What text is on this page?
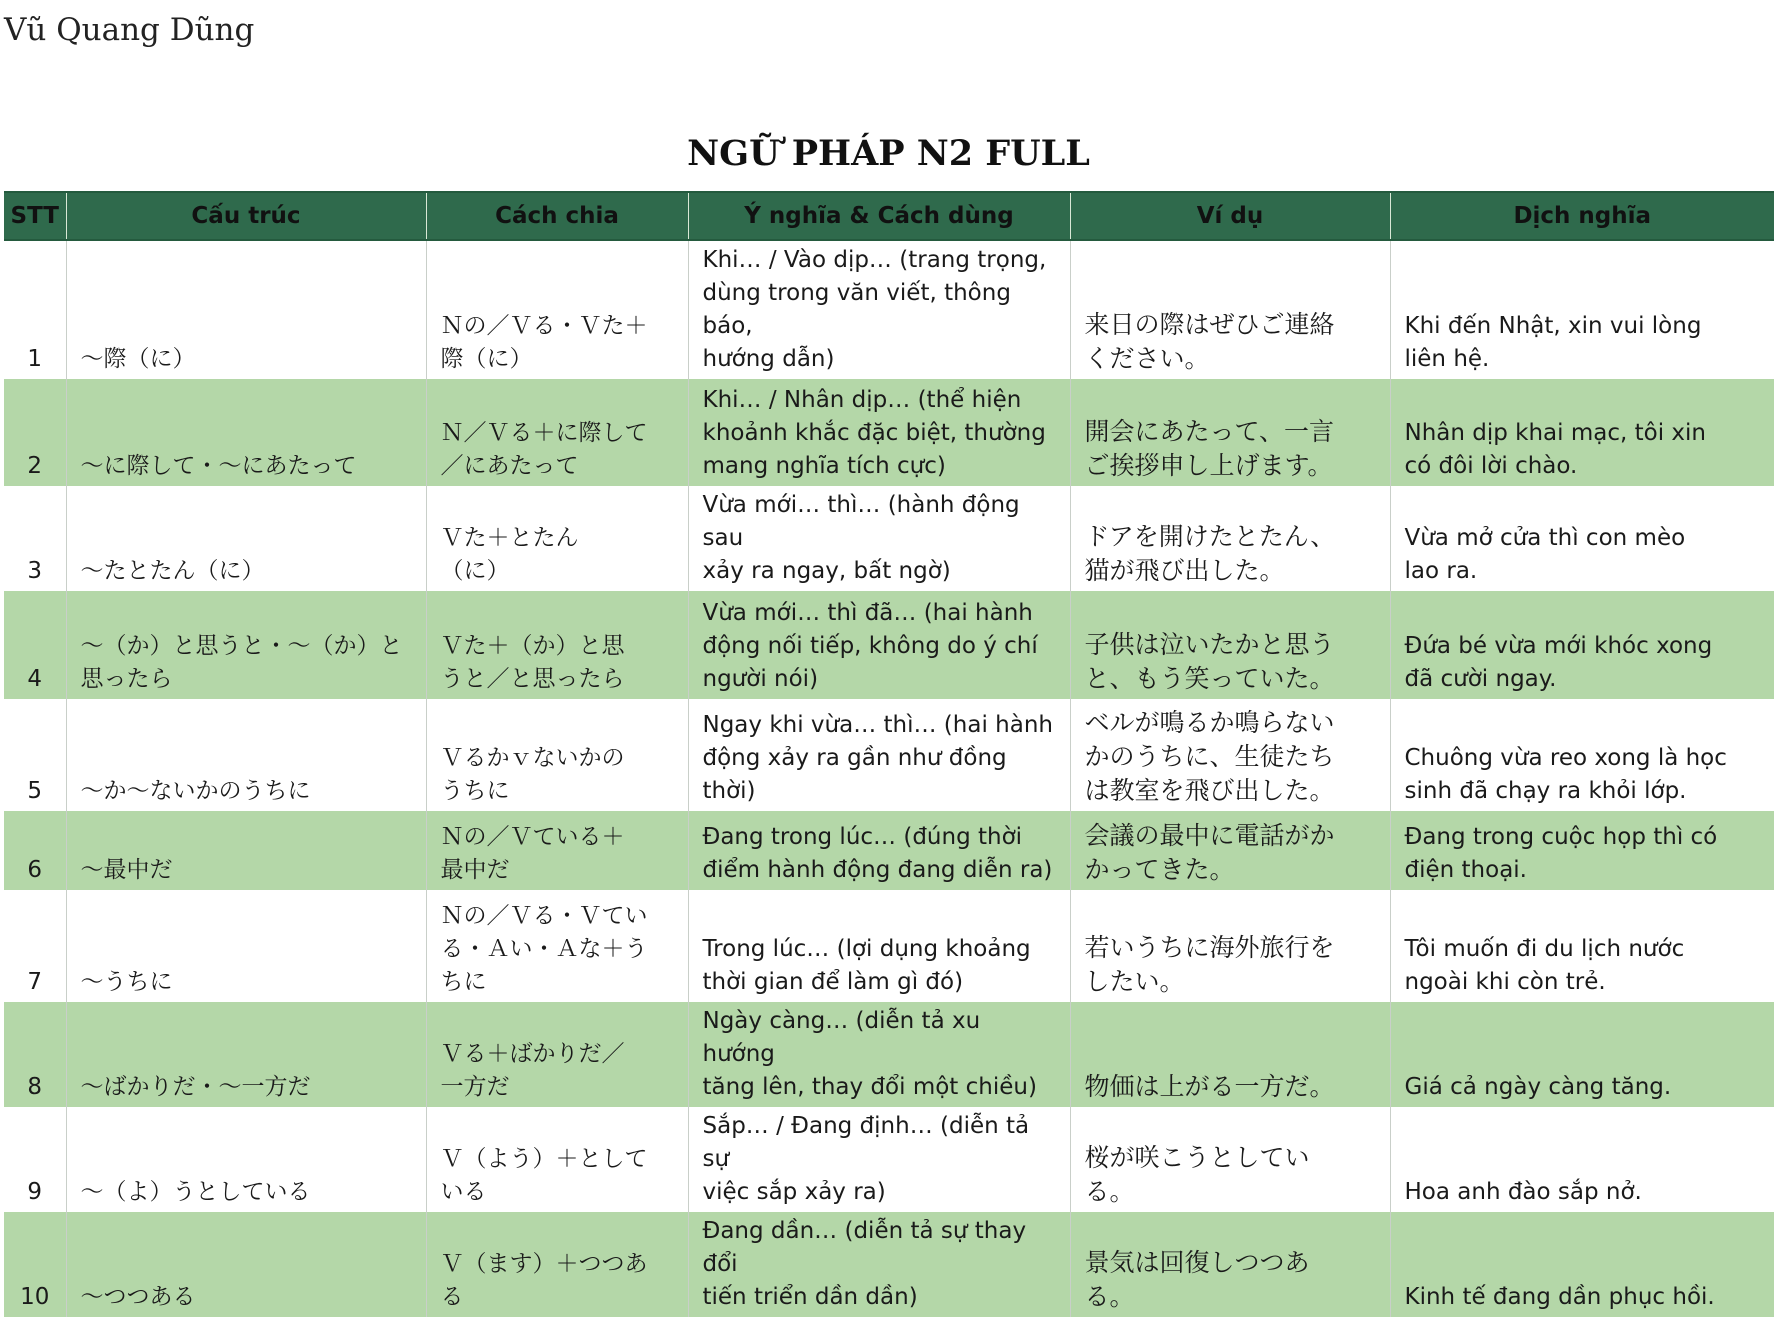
Vũ Quang Dũng
NGỮ PHÁP N2 FULL
STT	Cấu trúc	Cách chia	Ý nghĩa & Cách dùng	Ví dụ	Dịch nghĩa
1	～際（に）	Ｎの／Ｖる・Ｖた＋
際（に）	Khi… / Vào dịp… (trang trọng,
dùng trong văn viết, thông báo,
hướng dẫn)	来日の際はぜひご連絡
ください。	Khi đến Nhật, xin vui lòng
liên hệ.
2	～に際して・～にあたって	Ｎ／Ｖる＋に際して
／にあたって	Khi… / Nhân dịp… (thể hiện
khoảnh khắc đặc biệt, thường
mang nghĩa tích cực)	開会にあたって、一言
ご挨拶申し上げます。	Nhân dịp khai mạc, tôi xin
có đôi lời chào.
3	～たとたん（に）	Ｖた＋とたん
（に）	Vừa mới… thì… (hành động sau
xảy ra ngay, bất ngờ)	ドアを開けたとたん、
猫が飛び出した。	Vừa mở cửa thì con mèo
lao ra.
4	～（か）と思うと・～（か）と
思ったら	Ｖた＋（か）と思
うと／と思ったら	Vừa mới… thì đã… (hai hành
động nối tiếp, không do ý chí
người nói)	子供は泣いたかと思う
と、もう笑っていた。	Đứa bé vừa mới khóc xong
đã cười ngay.
5	～か～ないかのうちに	Ｖるかｖないかの
うちに	Ngay khi vừa… thì… (hai hành
động xảy ra gần như đồng thời)	ベルが鳴るか鳴らない
かのうちに、生徒たち
は教室を飛び出した。	Chuông vừa reo xong là học
sinh đã chạy ra khỏi lớp.
6	～最中だ	Ｎの／Ｖている＋
最中だ	Đang trong lúc… (đúng thời
điểm hành động đang diễn ra)	会議の最中に電話がか
かってきた。	Đang trong cuộc họp thì có
điện thoại.
7	～うちに	Ｎの／Ｖる・Ｖてい
る・Ａい・Ａな＋う
ちに	Trong lúc… (lợi dụng khoảng
thời gian để làm gì đó)	若いうちに海外旅行を
したい。	Tôi muốn đi du lịch nước
ngoài khi còn trẻ.
8	～ばかりだ・～一方だ	Ｖる＋ばかりだ／
一方だ	Ngày càng… (diễn tả xu hướng
tăng lên, thay đổi một chiều)	物価は上がる一方だ。	Giá cả ngày càng tăng.
9	～（よ）うとしている	Ｖ（よう）＋として
いる	Sắp… / Đang định… (diễn tả sự
việc sắp xảy ra)	桜が咲こうとしてい
る。	Hoa anh đào sắp nở.
10	～つつある	Ｖ（ます）＋つつあ
る	Đang dần… (diễn tả sự thay đổi
tiến triển dần dần)	景気は回復しつつあ
る。	Kinh tế đang dần phục hồi.
